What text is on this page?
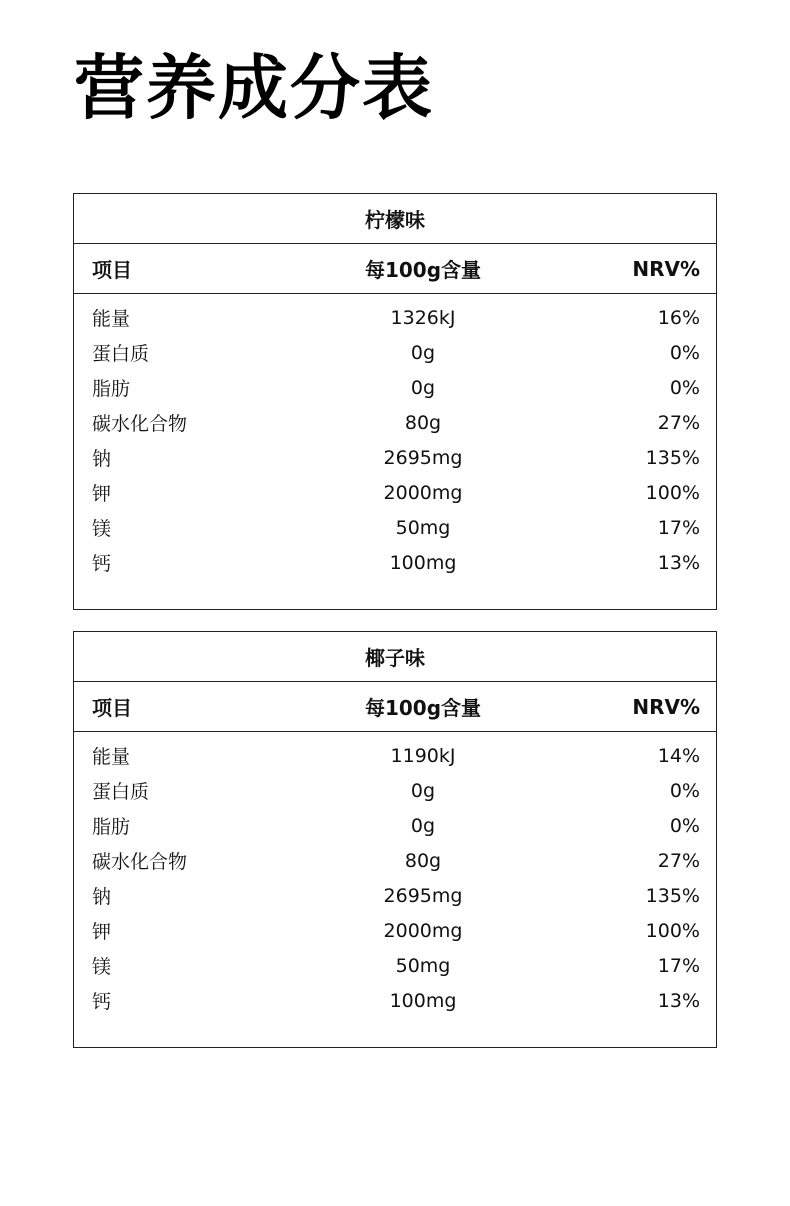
营养成分表
柠檬味
项目	每100g含量	NRV%
能量	1326kJ	16%
蛋白质	0g	0%
脂肪	0g	0%
碳水化合物	80g	27%
钠	2695mg	135%
钾	2000mg	100%
镁	50mg	17%
钙	100mg	13%
椰子味
项目	每100g含量	NRV%
能量	1190kJ	14%
蛋白质	0g	0%
脂肪	0g	0%
碳水化合物	80g	27%
钠	2695mg	135%
钾	2000mg	100%
镁	50mg	17%
钙	100mg	13%
